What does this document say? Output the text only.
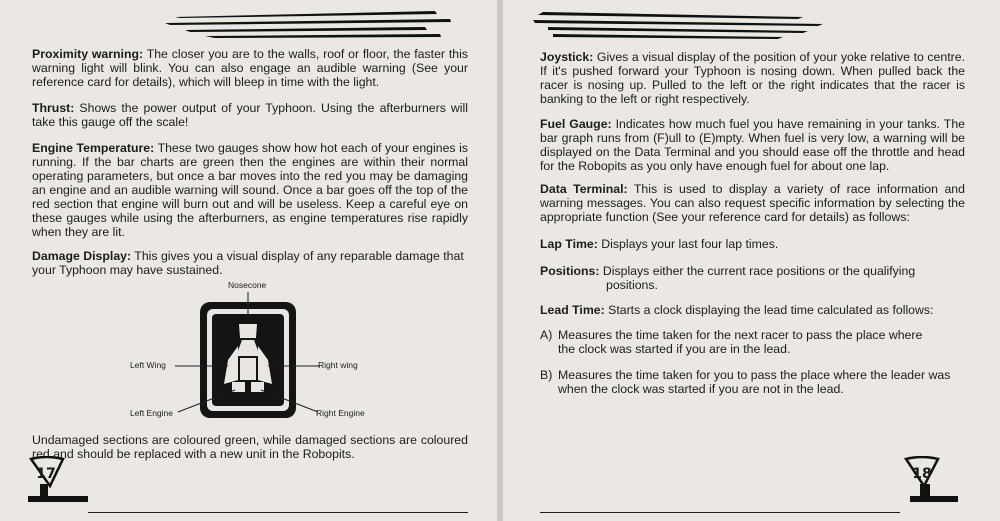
Proximity warning: The closer you are to the walls, roof or floor, the faster this warning light will blink. You can also engage an audible warning (See your reference card for details), which will bleep in time with the light.

Thrust: Shows the power output of your Typhoon. Using the afterburners will take this gauge off the scale!

Engine Temperature: These two gauges show how hot each of your engines is running. If the bar charts are green then the engines are within their normal operating parameters, but once a bar moves into the red you may be damaging an engine and an audible warning will sound. Once a bar goes off the top of the red section that engine will burn out and will be useless. Keep a careful eye on these gauges while using the afterburners, as engine temperatures rise rapidly when they are lit.

Damage Display: This gives you a visual display of any reparable damage that your Typhoon may have sustained.

Nosecone
Left Wing	Right wing
Left Engine	Right Engine

Undamaged sections are coloured green, while damaged sections are coloured red and should be replaced with a new unit in the Robopits.

17

Joystick: Gives a visual display of the position of your yoke relative to centre. If it's pushed forward your Typhoon is nosing down. When pulled back the racer is nosing up. Pulled to the left or the right indicates that the racer is banking to the left or right respectively.

Fuel Gauge: Indicates how much fuel you have remaining in your tanks. The bar graph runs from (F)ull to (E)mpty. When fuel is very low, a warning will be displayed on the Data Terminal and you should ease off the throttle and head for the Robopits as you only have enough fuel for about one lap.

Data Terminal: This is used to display a variety of race information and warning messages. You can also request specific information by selecting the appropriate function (See your reference card for details) as follows:

Lap Time: Displays your last four lap times.

Positions: Displays either the current race positions or the qualifying positions.

Lead Time: Starts a clock displaying the lead time calculated as follows:

A) Measures the time taken for the next racer to pass the place where the clock was started if you are in the lead.

B) Measures the time taken for you to pass the place where the leader was when the clock was started if you are not in the lead.

18
